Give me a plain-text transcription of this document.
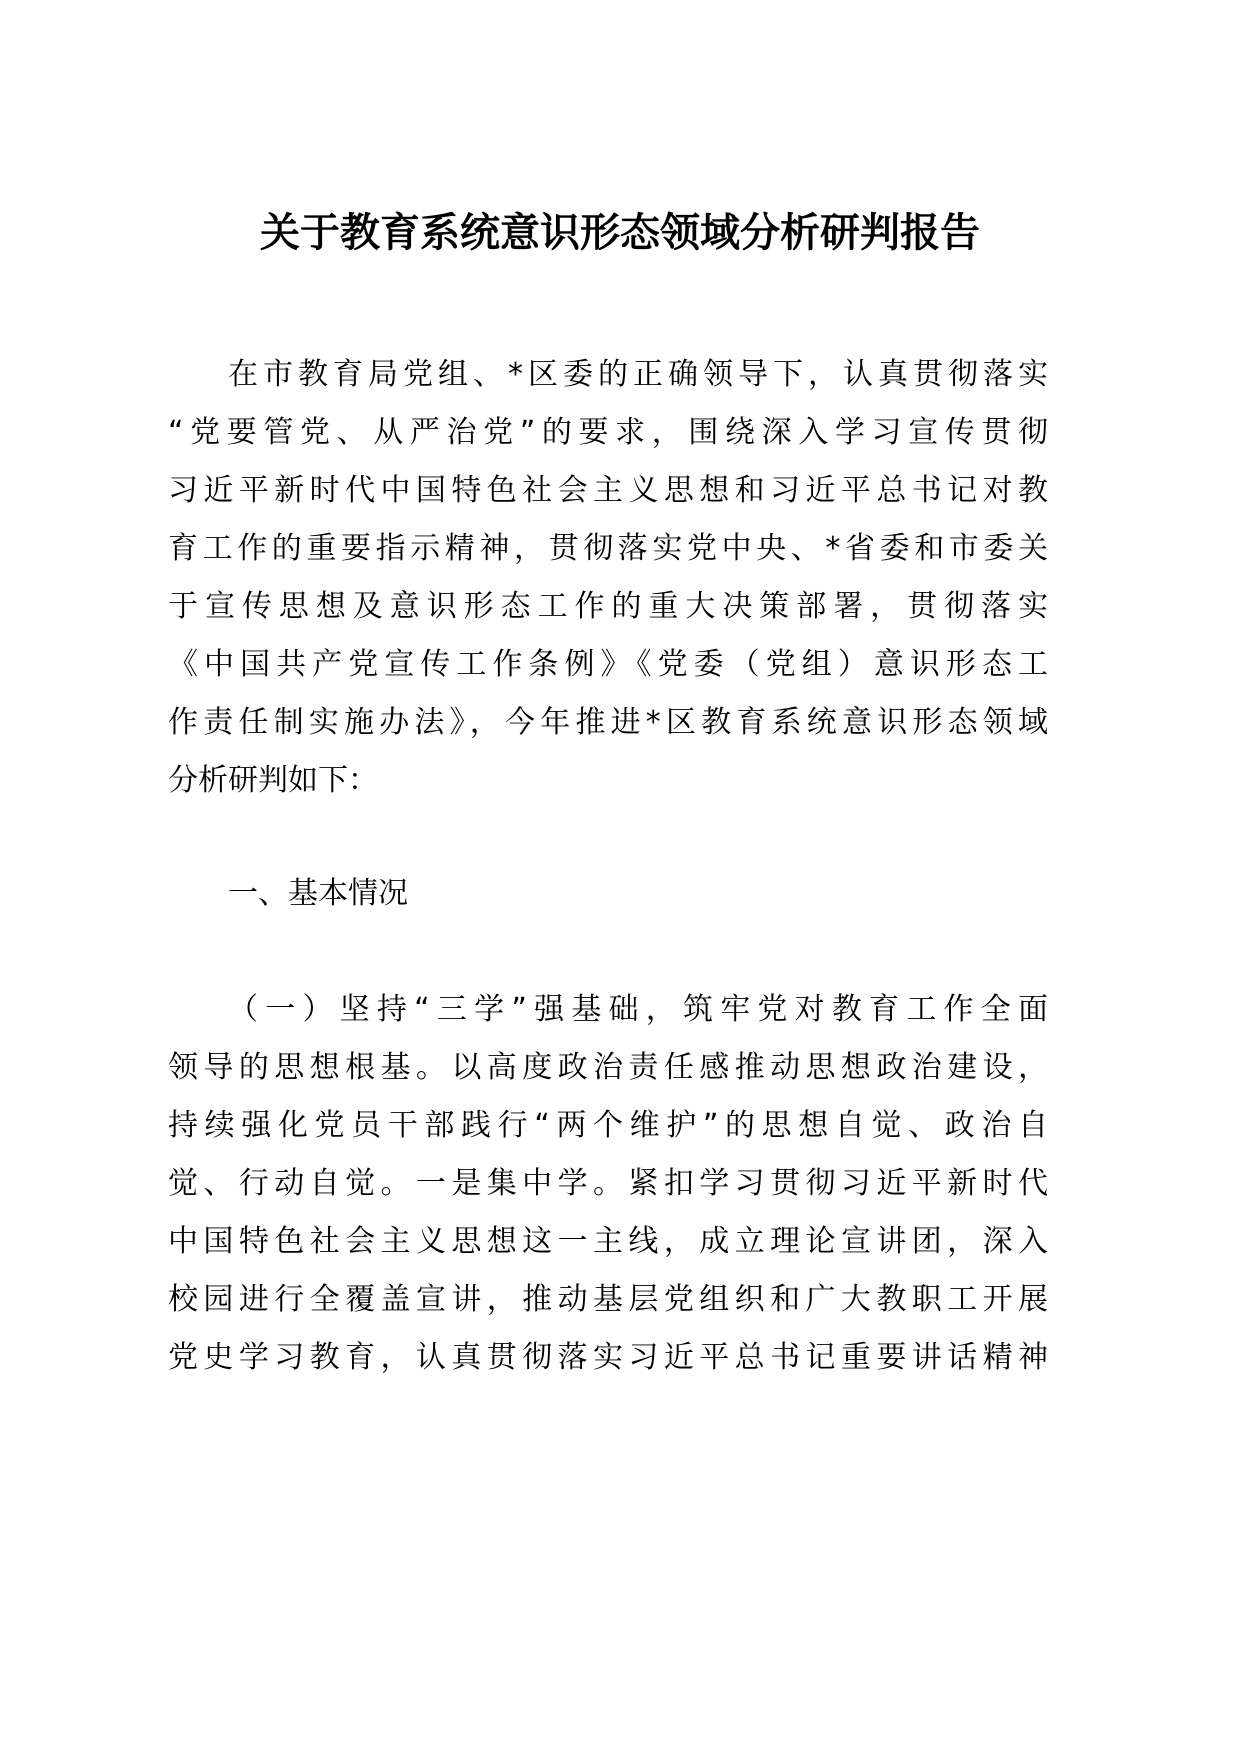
关于教育系统意识形态领域分析研判报告
在市教育局党组、*区委的正确领导下，认真贯彻落实
“党要管党、从严治党”的要求，围绕深入学习宣传贯彻
习近平新时代中国特色社会主义思想和习近平总书记对教
育工作的重要指示精神，贯彻落实党中央、*省委和市委关
于宣传思想及意识形态工作的重大决策部署，贯彻落实
《中国共产党宣传工作条例》《党委（党组）意识形态工
作责任制实施办法》，今年推进*区教育系统意识形态领域
分析研判如下：
一、基本情况
（一）坚持“三学”强基础，筑牢党对教育工作全面
领导的思想根基。以高度政治责任感推动思想政治建设，
持续强化党员干部践行“两个维护”的思想自觉、政治自
觉、行动自觉。一是集中学。紧扣学习贯彻习近平新时代
中国特色社会主义思想这一主线，成立理论宣讲团，深入
校园进行全覆盖宣讲，推动基层党组织和广大教职工开展
党史学习教育，认真贯彻落实习近平总书记重要讲话精神
